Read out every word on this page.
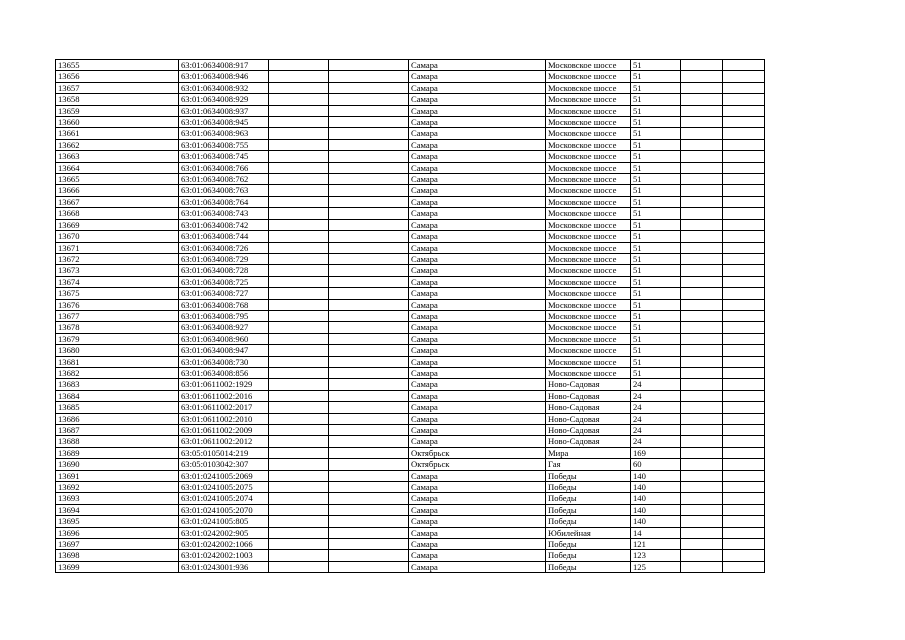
13655	63:01:0634008:917			Самара	Московское шоссе	51		
13656	63:01:0634008:946			Самара	Московское шоссе	51		
13657	63:01:0634008:932			Самара	Московское шоссе	51		
13658	63:01:0634008:929			Самара	Московское шоссе	51		
13659	63:01:0634008:937			Самара	Московское шоссе	51		
13660	63:01:0634008:945			Самара	Московское шоссе	51		
13661	63:01:0634008:963			Самара	Московское шоссе	51		
13662	63:01:0634008:755			Самара	Московское шоссе	51		
13663	63:01:0634008:745			Самара	Московское шоссе	51		
13664	63:01:0634008:766			Самара	Московское шоссе	51		
13665	63:01:0634008:762			Самара	Московское шоссе	51		
13666	63:01:0634008:763			Самара	Московское шоссе	51		
13667	63:01:0634008:764			Самара	Московское шоссе	51		
13668	63:01:0634008:743			Самара	Московское шоссе	51		
13669	63:01:0634008:742			Самара	Московское шоссе	51		
13670	63:01:0634008:744			Самара	Московское шоссе	51		
13671	63:01:0634008:726			Самара	Московское шоссе	51		
13672	63:01:0634008:729			Самара	Московское шоссе	51		
13673	63:01:0634008:728			Самара	Московское шоссе	51		
13674	63:01:0634008:725			Самара	Московское шоссе	51		
13675	63:01:0634008:727			Самара	Московское шоссе	51		
13676	63:01:0634008:768			Самара	Московское шоссе	51		
13677	63:01:0634008:795			Самара	Московское шоссе	51		
13678	63:01:0634008:927			Самара	Московское шоссе	51		
13679	63:01:0634008:960			Самара	Московское шоссе	51		
13680	63:01:0634008:947			Самара	Московское шоссе	51		
13681	63:01:0634008:730			Самара	Московское шоссе	51		
13682	63:01:0634008:856			Самара	Московское шоссе	51		
13683	63:01:0611002:1929			Самара	Ново-Садовая	24		
13684	63:01:0611002:2016			Самара	Ново-Садовая	24		
13685	63:01:0611002:2017			Самара	Ново-Садовая	24		
13686	63:01:0611002:2010			Самара	Ново-Садовая	24		
13687	63:01:0611002:2009			Самара	Ново-Садовая	24		
13688	63:01:0611002:2012			Самара	Ново-Садовая	24		
13689	63:05:0105014:219			Октябрьск	Мира	169		
13690	63:05:0103042:307			Октябрьск	Гая	60		
13691	63:01:0241005:2069			Самара	Победы	140		
13692	63:01:0241005:2075			Самара	Победы	140		
13693	63:01:0241005:2074			Самара	Победы	140		
13694	63:01:0241005:2070			Самара	Победы	140		
13695	63:01:0241005:805			Самара	Победы	140		
13696	63:01:0242002:905			Самара	Юбилейная	14		
13697	63:01:0242002:1066			Самара	Победы	121		
13698	63:01:0242002:1003			Самара	Победы	123		
13699	63:01:0243001:936			Самара	Победы	125		
